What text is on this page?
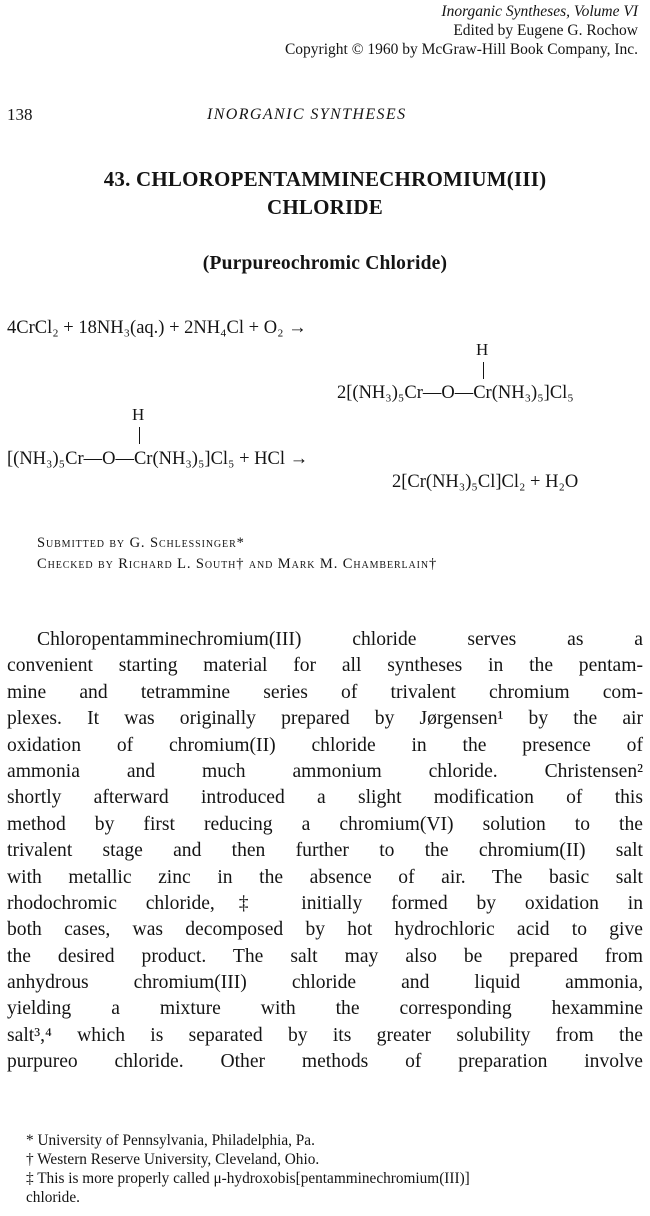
Inorganic Syntheses, Volume VI
Edited by Eugene G. Rochow
Copyright © 1960 by McGraw-Hill Book Company, Inc.
138	INORGANIC SYNTHESES
43. CHLOROPENTAMMINECHROMIUM(III)
CHLORIDE
(Purpureochromic Chloride)
4CrCl₂ + 18NH₃(aq.) + 2NH₄Cl + O₂ →
H
2[(NH₃)₅Cr—O—Cr(NH₃)₅]Cl₅
H
[(NH₃)₅Cr—O—Cr(NH₃)₅]Cl₅ + HCl →
2[Cr(NH₃)₅Cl]Cl₂ + H₂O
Submitted by G. Schlessinger*
Checked by Richard L. South† and Mark M. Chamberlain†
Chloropentamminechromium(III) chloride serves as a
convenient starting material for all syntheses in the pentam-
mine and tetrammine series of trivalent chromium com-
plexes. It was originally prepared by Jørgensen¹ by the air
oxidation of chromium(II) chloride in the presence of
ammonia and much ammonium chloride. Christensen²
shortly afterward introduced a slight modification of this
method by first reducing a chromium(VI) solution to the
trivalent stage and then further to the chromium(II) salt
with metallic zinc in the absence of air. The basic salt
rhodochromic chloride,‡ initially formed by oxidation in
both cases, was decomposed by hot hydrochloric acid to give
the desired product. The salt may also be prepared from
anhydrous chromium(III) chloride and liquid ammonia,
yielding a mixture with the corresponding hexammine
salt³,⁴ which is separated by its greater solubility from the
purpureo chloride. Other methods of preparation involve
* University of Pennsylvania, Philadelphia, Pa.
† Western Reserve University, Cleveland, Ohio.
‡ This is more properly called μ-hydroxobis[pentamminechromium(III)]
chloride.
